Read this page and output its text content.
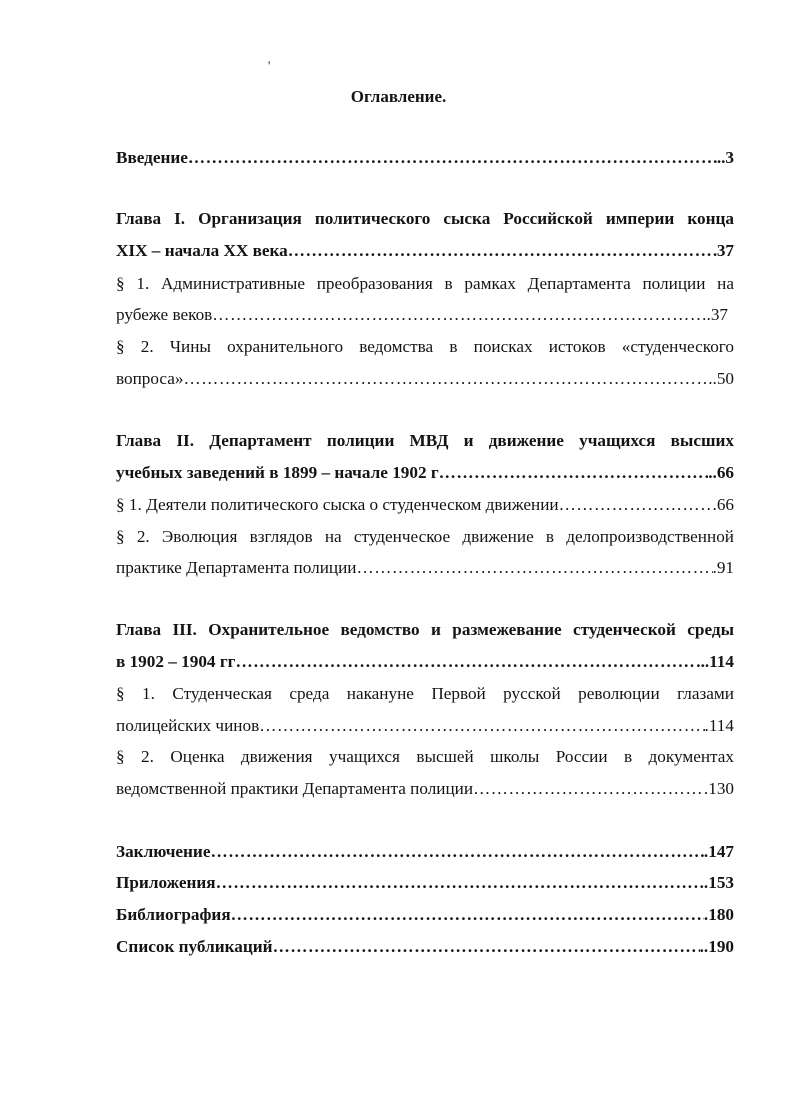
'
Оглавление.
Введение ……………………………………………………………………………………………………………………………………………………………	..3
Глава I. Организация политического сыска Российской империи конца
XIX – начала XX века ……………………………………………………………………………………………………………………………………………………………	37
§ 1. Административные преобразования в рамках Департамента полиции на
рубеже веков ……………………………………………………………………………………………………………………………………………………………	.37
§ 2. Чины охранительного ведомства в поисках истоков «студенческого
вопроса» ……………………………………………………………………………………………………………………………………………………………	..50
Глава II. Департамент полиции МВД и движение учащихся высших
учебных заведений в 1899 – начале 1902 г ……………………………………………………………………………………………………………………………………………………………	..66
§ 1. Деятели политического сыска о студенческом движении ……………………………………………………………………………………………………………………………………………………………	.66
§ 2. Эволюция взглядов на студенческое движение в делопроизводственной
практике Департамента полиции ……………………………………………………………………………………………………………………………………………………………	.91
Глава III. Охранительное ведомство и размежевание студенческой среды
в 1902 – 1904 гг ……………………………………………………………………………………………………………………………………………………………	...114
§ 1. Студенческая среда накануне Первой русской революции глазами
полицейских чинов ……………………………………………………………………………………………………………………………………………………………	.114
§ 2. Оценка движения учащихся высшей школы России в документах
ведомственной практики Департамента полиции ……………………………………………………………………………………………………………………………………………………………	.130
Заключение ……………………………………………………………………………………………………………………………………………………………	.147
Приложения ……………………………………………………………………………………………………………………………………………………………	.153
Библиография ……………………………………………………………………………………………………………………………………………………………	.180
Список публикаций ……………………………………………………………………………………………………………………………………………………………	..190
